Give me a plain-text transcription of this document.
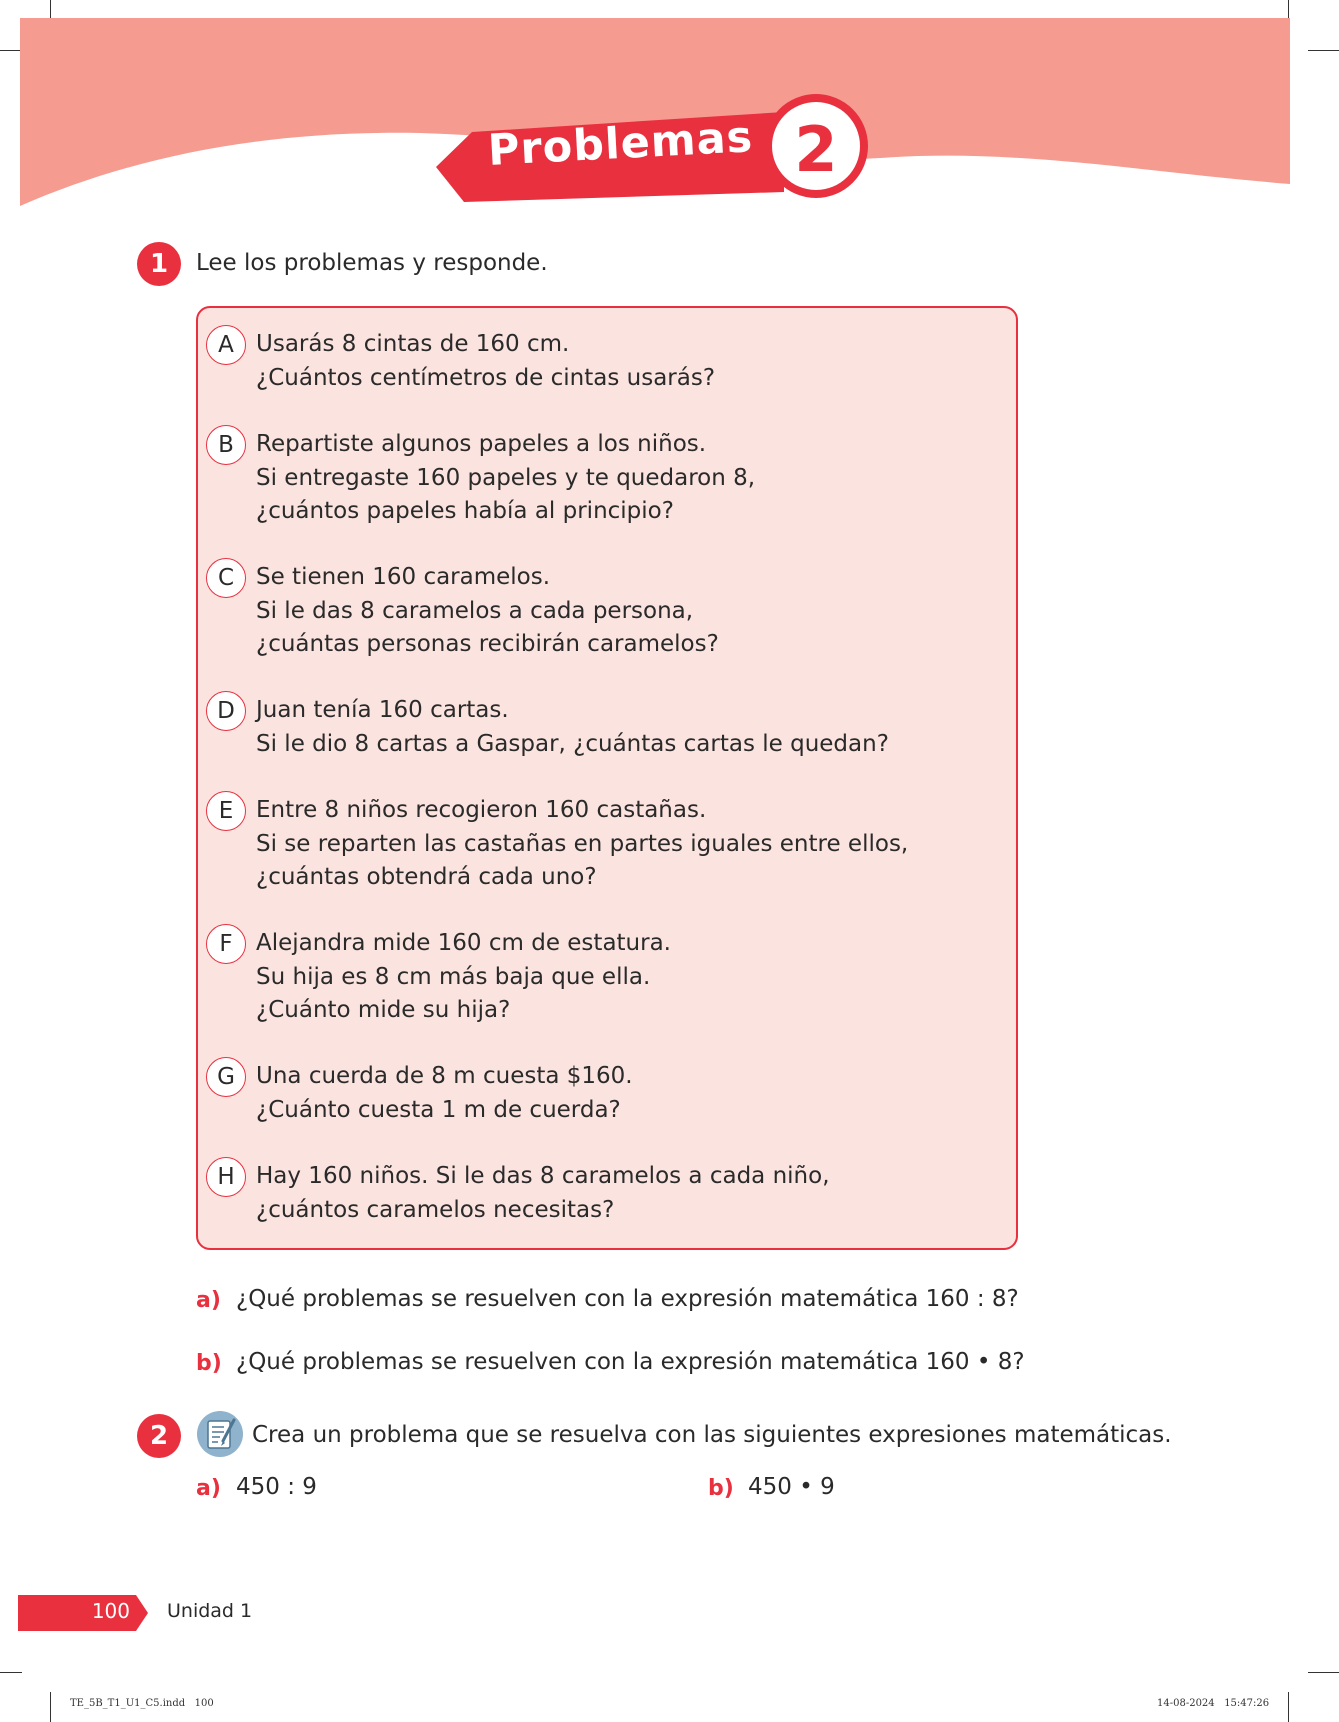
Problemas 2
1	Lee los problemas y responde.
A Usarás 8 cintas de 160 cm.
¿Cuántos centímetros de cintas usarás?
B Repartiste algunos papeles a los niños.
Si entregaste 160 papeles y te quedaron 8,
¿cuántos papeles había al principio?
C Se tienen 160 caramelos.
Si le das 8 caramelos a cada persona,
¿cuántas personas recibirán caramelos?
D Juan tenía 160 cartas.
Si le dio 8 cartas a Gaspar, ¿cuántas cartas le quedan?
E Entre 8 niños recogieron 160 castañas.
Si se reparten las castañas en partes iguales entre ellos,
¿cuántas obtendrá cada uno?
F	Alejandra mide 160 cm de estatura.
Su hija es 8 cm más baja que ella.
¿Cuánto mide su hija?
G Una cuerda de 8 m cuesta $160.
¿Cuánto cuesta 1 m de cuerda?
H Hay 160 niños. Si le das 8 caramelos a cada niño,
¿cuántos caramelos necesitas?
a) ¿Qué problemas se resuelven con la expresión matemática 160 : 8?
b) ¿Qué problemas se resuelven con la expresión matemática 160 • 8?
2	Crea un problema que se resuelva con las siguientes expresiones matemáticas.
a) 450 : 9	b) 450 • 9
100 Unidad 1
TE_5B_T1_U1_C5.indd   100	14-08-2024   15:47:26
